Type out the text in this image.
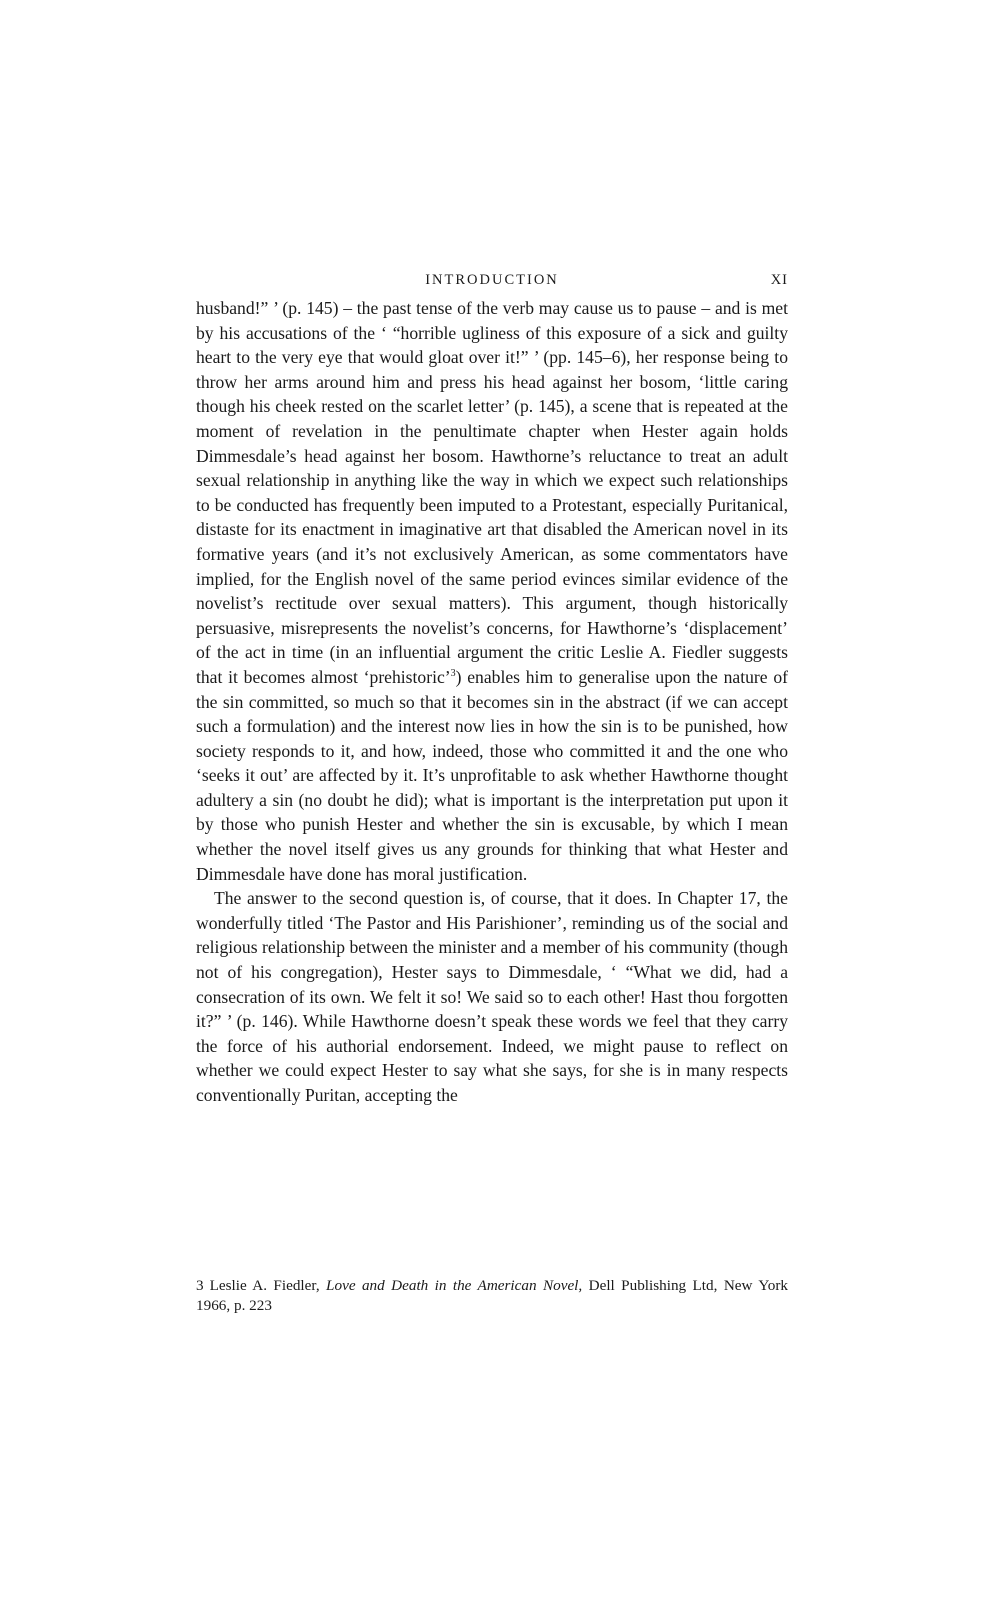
INTRODUCTION	XI

husband!” ’ (p. 145) – the past tense of the verb may cause us to pause – and is met by his accusations of the ‘ “horrible ugliness of this exposure of a sick and guilty heart to the very eye that would gloat over it!” ’ (pp. 145–6), her response being to throw her arms around him and press his head against her bosom, ‘little caring though his cheek rested on the scarlet letter’ (p. 145), a scene that is repeated at the moment of revelation in the penultimate chapter when Hester again holds Dimmesdale’s head against her bosom. Hawthorne’s reluctance to treat an adult sexual relationship in anything like the way in which we expect such relationships to be conducted has frequently been imputed to a Protestant, especially Puritanical, distaste for its enactment in imaginative art that disabled the American novel in its formative years (and it’s not exclusively American, as some commentators have implied, for the English novel of the same period evinces similar evidence of the novelist’s rectitude over sexual matters). This argument, though historically persuasive, misrepresents the novelist’s concerns, for Hawthorne’s ‘displacement’ of the act in time (in an influential argument the critic Leslie A. Fiedler suggests that it becomes almost ‘prehistoric’$^3$) enables him to generalise upon the nature of the sin committed, so much so that it becomes sin in the abstract (if we can accept such a formulation) and the interest now lies in how the sin is to be punished, how society responds to it, and how, indeed, those who committed it and the one who ‘seeks it out’ are affected by it. It’s unprofitable to ask whether Hawthorne thought adultery a sin (no doubt he did); what is important is the interpretation put upon it by those who punish Hester and whether the sin is excusable, by which I mean whether the novel itself gives us any grounds for thinking that what Hester and Dimmesdale have done has moral justification.

The answer to the second question is, of course, that it does. In Chapter 17, the wonderfully titled ‘The Pastor and His Parishioner’, reminding us of the social and religious relationship between the minister and a member of his community (though not of his congregation), Hester says to Dimmesdale, ‘ “What we did, had a consecration of its own. We felt it so! We said so to each other! Hast thou forgotten it?” ’ (p. 146). While Hawthorne doesn’t speak these words we feel that they carry the force of his authorial endorsement. Indeed, we might pause to reflect on whether we could expect Hester to say what she says, for she is in many respects conventionally Puritan, accepting the

3 Leslie A. Fiedler, Love and Death in the American Novel, Dell Publishing Ltd, New York 1966, p. 223
